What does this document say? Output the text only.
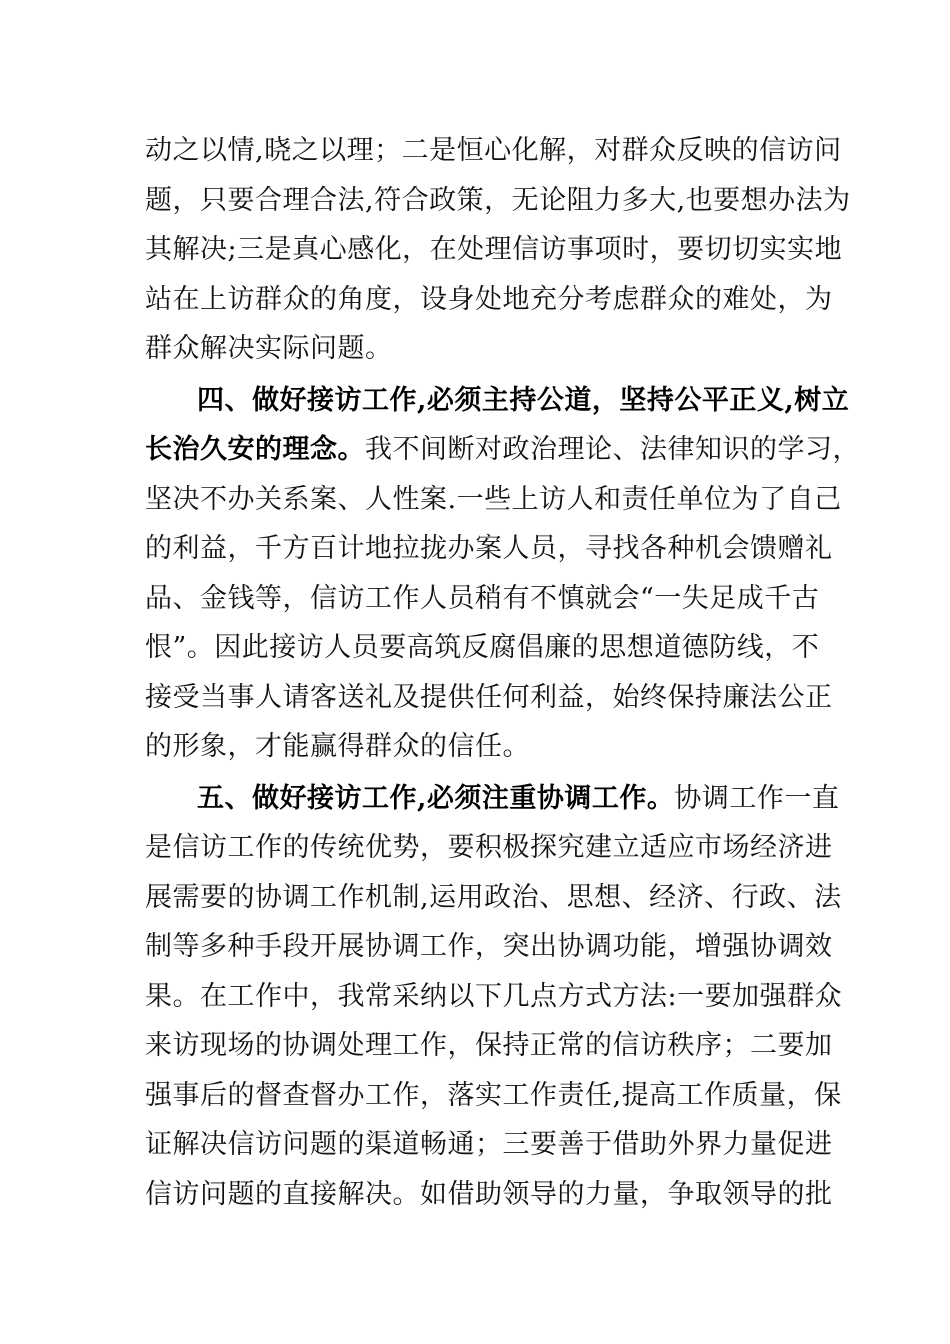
动之以情,晓之以理；二是恒心化解，对群众反映的信访问
题，只要合理合法,符合政策，无论阻力多大,也要想办法为
其解决;三是真心感化，在处理信访事项时，要切切实实地
站在上访群众的角度，设身处地充分考虑群众的难处，为
群众解决实际问题。
四、做好接访工作,必须主持公道，坚持公平正义,树立
长治久安的理念。我不间断对政治理论、法律知识的学习，
坚决不办关系案、人性案.一些上访人和责任单位为了自己
的利益，千方百计地拉拢办案人员，寻找各种机会馈赠礼
品、金钱等，信访工作人员稍有不慎就会“一失足成千古
恨”。因此接访人员要高筑反腐倡廉的思想道德防线，不
接受当事人请客送礼及提供任何利益，始终保持廉法公正
的形象，才能赢得群众的信任。
五、做好接访工作,必须注重协调工作。协调工作一直
是信访工作的传统优势，要积极探究建立适应市场经济进
展需要的协调工作机制,运用政治、思想、经济、行政、法
制等多种手段开展协调工作，突出协调功能，增强协调效
果。在工作中，我常采纳以下几点方式方法:一要加强群众
来访现场的协调处理工作，保持正常的信访秩序；二要加
强事后的督查督办工作，落实工作责任,提高工作质量，保
证解决信访问题的渠道畅通；三要善于借助外界力量促进
信访问题的直接解决。如借助领导的力量，争取领导的批
